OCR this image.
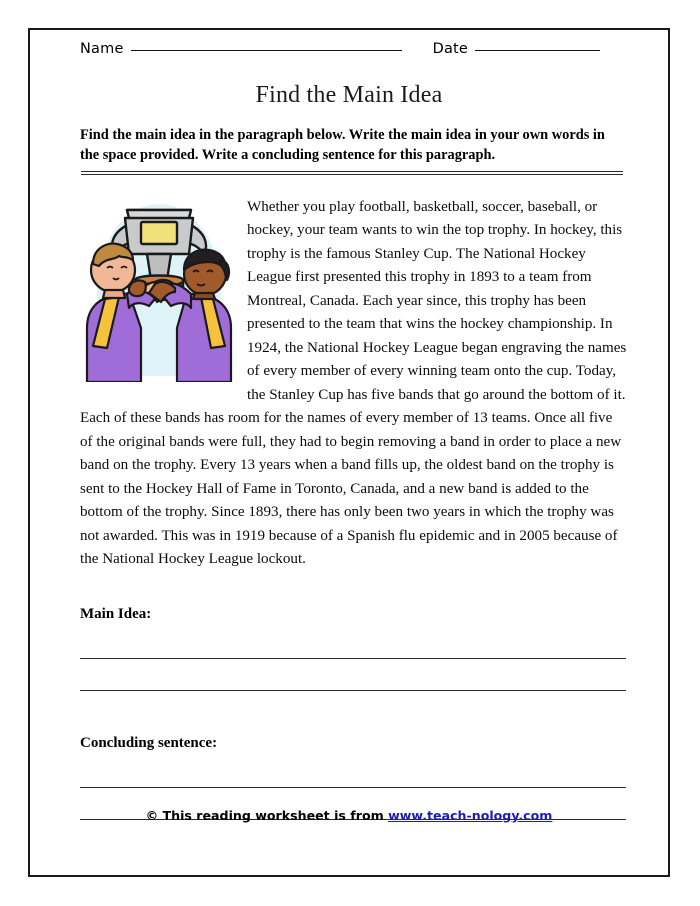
Name	Date
Find the Main Idea
Find the main idea in the paragraph below. Write the main idea in your own words in the space provided. Write a concluding sentence for this paragraph.
Whether you play football, basketball, soccer, baseball, or hockey, your team wants to win the top trophy. In hockey, this trophy is the famous Stanley Cup. The National Hockey League first presented this trophy in 1893 to a team from Montreal, Canada. Each year since, this trophy has been presented to the team that wins the hockey championship. In 1924, the National Hockey League began engraving the names of every member of every winning team onto the cup. Today, the Stanley Cup has five bands that go around the bottom of it. Each of these bands has room for the names of every member of 13 teams. Once all five of the original bands were full, they had to begin removing a band in order to place a new band on the trophy. Every 13 years when a band fills up, the oldest band on the trophy is sent to the Hockey Hall of Fame in Toronto, Canada, and a new band is added to the bottom of the trophy. Since 1893, there has only been two years in which the trophy was not awarded. This was in 1919 because of a Spanish flu epidemic and in 2005 because of the National Hockey League lockout.
Main Idea:
Concluding sentence:
© This reading worksheet is from www.teach-nology.com
